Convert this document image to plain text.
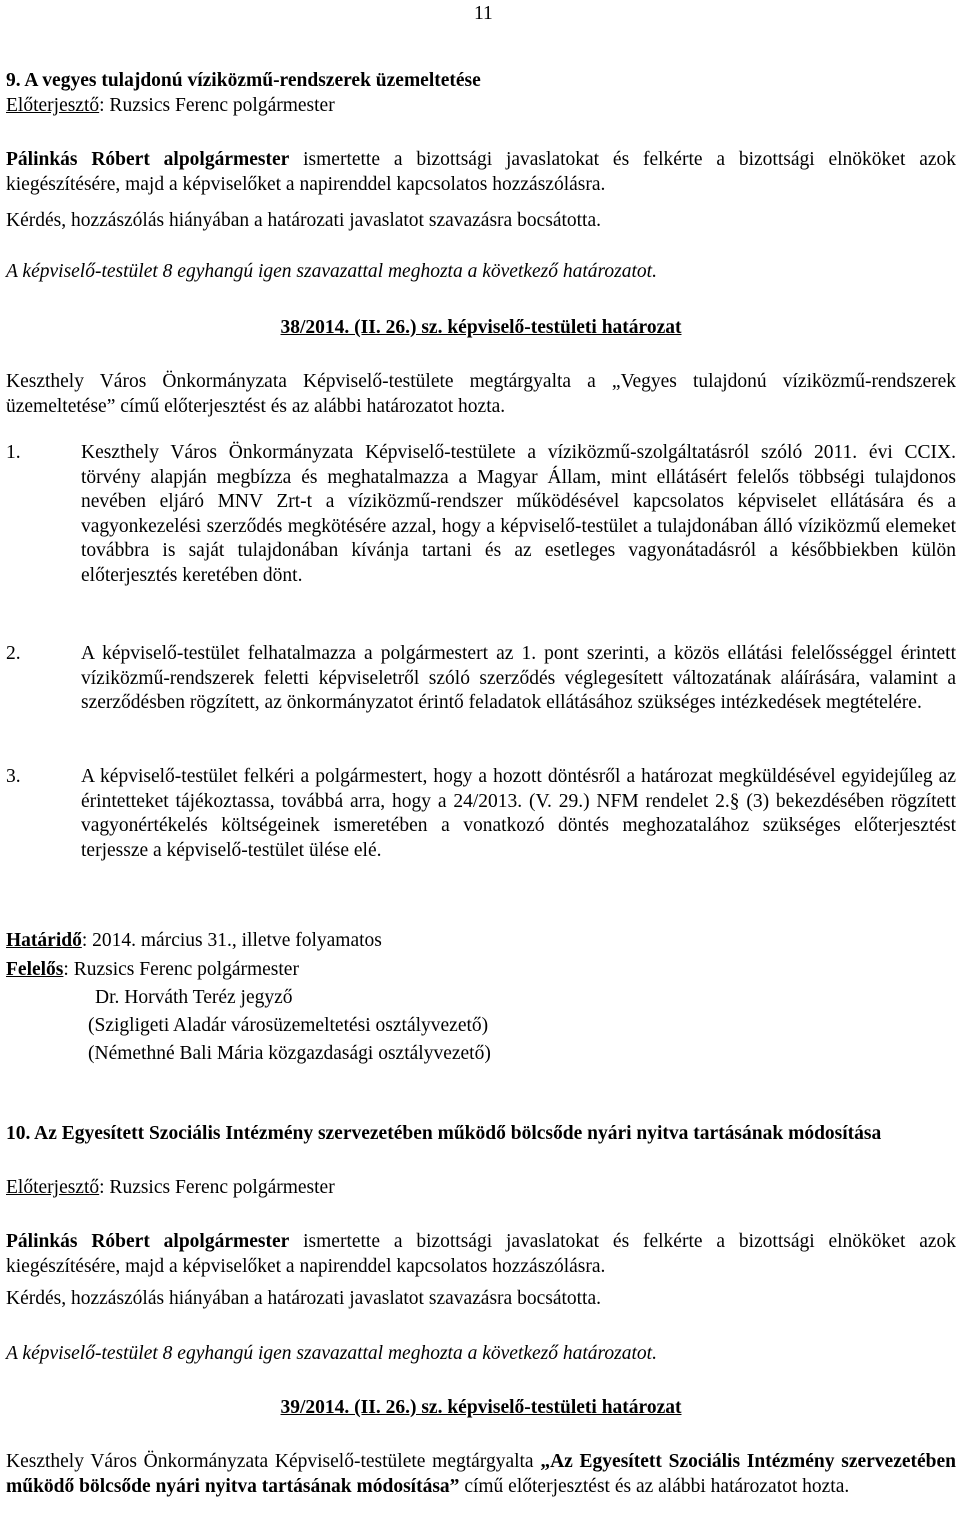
11
9. A vegyes tulajdonú víziközmű-rendszerek üzemeltetése
Előterjesztő: Ruzsics Ferenc polgármester
Pálinkás Róbert alpolgármester ismertette a bizottsági javaslatokat és felkérte a bizottsági elnököket azok kiegészítésére, majd a képviselőket a napirenddel kapcsolatos hozzászólásra.
Kérdés, hozzászólás hiányában a határozati javaslatot szavazásra bocsátotta.
A képviselő-testület 8 egyhangú igen szavazattal meghozta a következő határozatot.
38/2014. (II. 26.) sz. képviselő-testületi határozat
Keszthely Város Önkormányzata Képviselő-testülete megtárgyalta a „Vegyes tulajdonú víziközmű-rendszerek üzemeltetése” című előterjesztést és az alábbi határozatot hozta.
1.	Keszthely Város Önkormányzata Képviselő-testülete a víziközmű-szolgáltatásról szóló 2011. évi CCIX. törvény alapján megbízza és meghatalmazza a Magyar Állam, mint ellátásért felelős többségi tulajdonos nevében eljáró MNV Zrt-t a víziközmű-rendszer működésével kapcsolatos képviselet ellátására és a vagyonkezelési szerződés megkötésére azzal, hogy a képviselő-testület a tulajdonában álló víziközmű elemeket továbbra is saját tulajdonában kívánja tartani és az esetleges vagyonátadásról a későbbiekben külön előterjesztés keretében dönt.
2.	A képviselő-testület felhatalmazza a polgármestert az 1. pont szerinti, a közös ellátási felelősséggel érintett víziközmű-rendszerek feletti képviseletről szóló szerződés véglegesített változatának aláírására, valamint a szerződésben rögzített, az önkormányzatot érintő feladatok ellátásához szükséges intézkedések megtételére.
3.	A képviselő-testület felkéri a polgármestert, hogy a hozott döntésről a határozat megküldésével egyidejűleg az érintetteket tájékoztassa, továbbá arra, hogy a 24/2013. (V. 29.) NFM rendelet 2.§ (3) bekezdésében rögzített vagyonértékelés költségeinek ismeretében a vonatkozó döntés meghozatalához szükséges előterjesztést terjessze a képviselő-testület ülése elé.
Határidő: 2014. március 31., illetve folyamatos
Felelős: Ruzsics Ferenc polgármester
Dr. Horváth Teréz jegyző
(Szigligeti Aladár városüzemeltetési osztályvezető)
(Némethné Bali Mária közgazdasági osztályvezető)
10. Az Egyesített Szociális Intézmény szervezetében működő bölcsőde nyári nyitva tartásának módosítása
Előterjesztő: Ruzsics Ferenc polgármester
Pálinkás Róbert alpolgármester ismertette a bizottsági javaslatokat és felkérte a bizottsági elnököket azok kiegészítésére, majd a képviselőket a napirenddel kapcsolatos hozzászólásra.
Kérdés, hozzászólás hiányában a határozati javaslatot szavazásra bocsátotta.
A képviselő-testület 8 egyhangú igen szavazattal meghozta a következő határozatot.
39/2014. (II. 26.) sz. képviselő-testületi határozat
Keszthely Város Önkormányzata Képviselő-testülete megtárgyalta „Az Egyesített Szociális Intézmény szervezetében működő bölcsőde nyári nyitva tartásának módosítása” című előterjesztést és az alábbi határozatot hozta.
